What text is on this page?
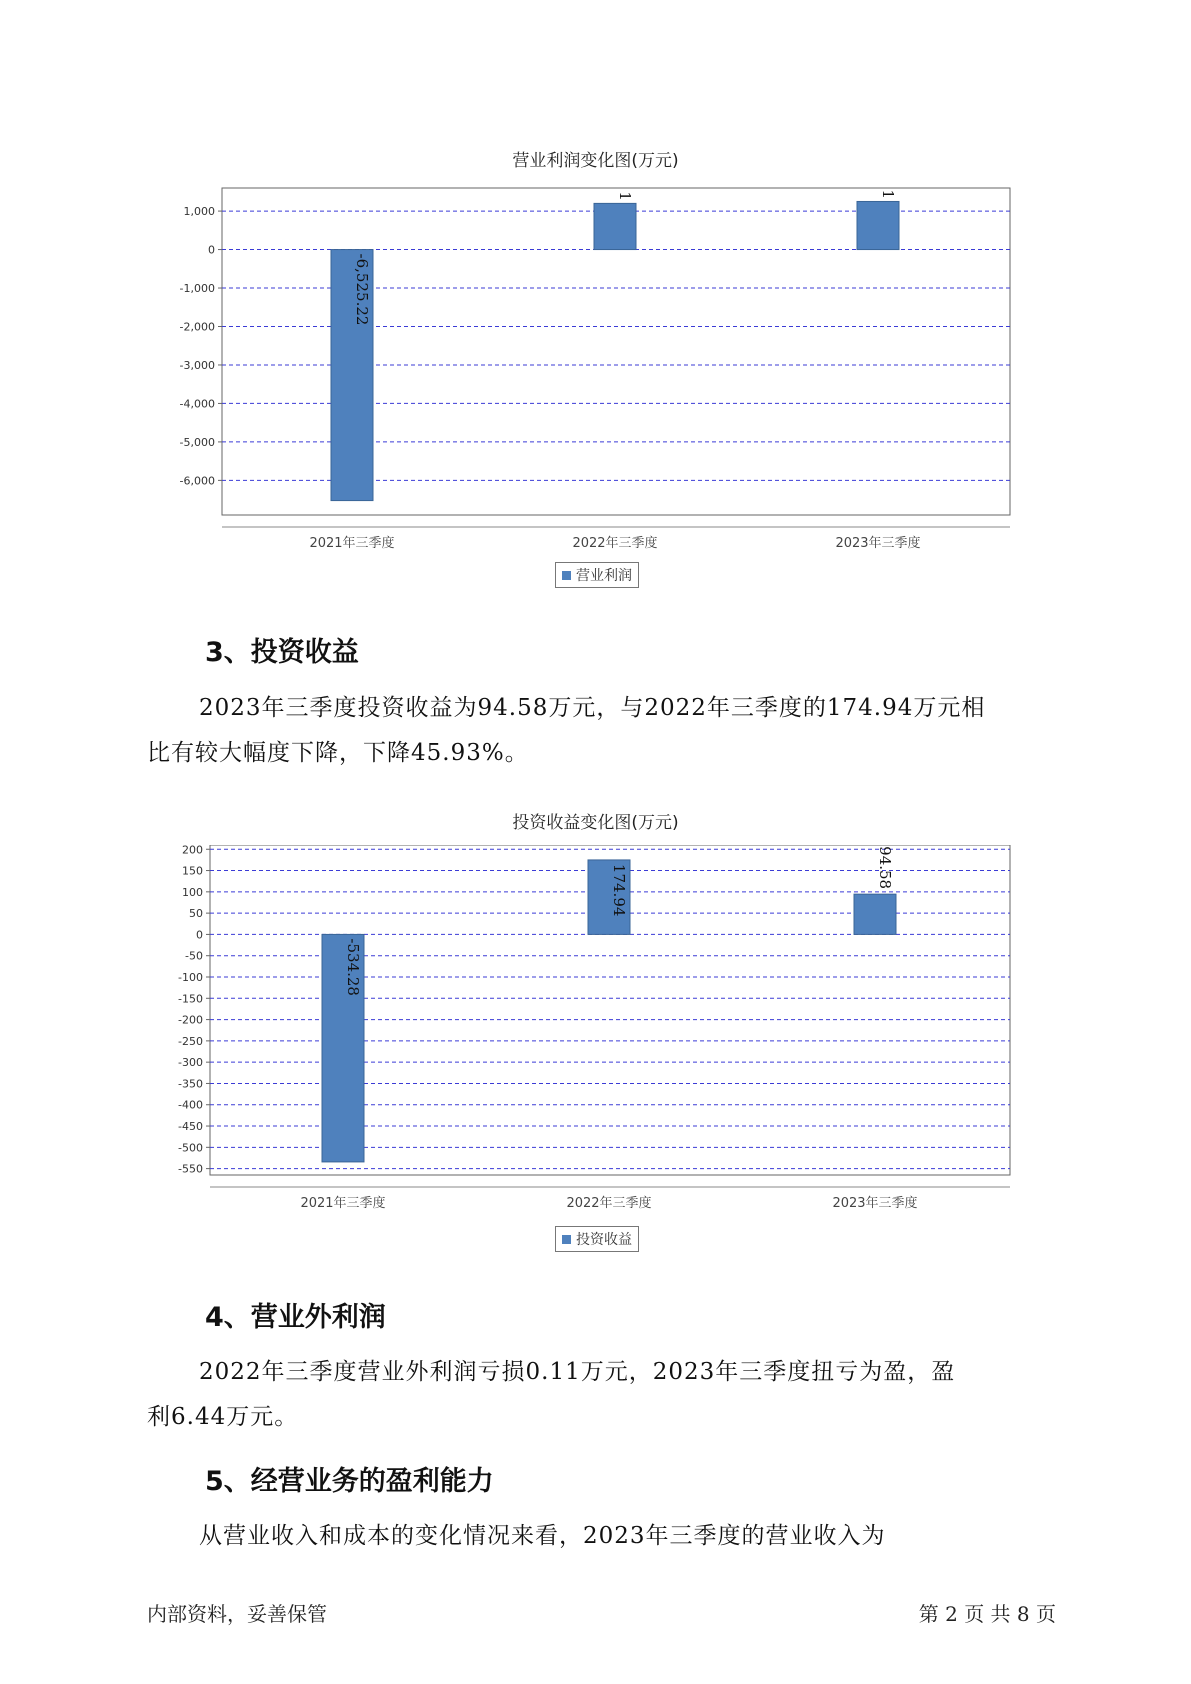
营业利润变化图(万元)
1,000
0
-1,000
-2,000
-3,000
-4,000
-5,000
-6,000
-6,525.22
2021年三季度
1
2022年三季度
1
2023年三季度
营业利润
3、投资收益

2023年三季度投资收益为94.58万元，与2022年三季度的174.94万元相
比有较大幅度下降，下降45.93%。

投资收益变化图(万元)
200
150
100
50
0
-50
-100
-150
-200
-250
-300
-350
-400
-450
-500
-550
-534.28
2021年三季度
174.94
2022年三季度
94.58
2023年三季度
投资收益
4、营业外利润

2022年三季度营业外利润亏损0.11万元，2023年三季度扭亏为盈，盈
利6.44万元。

5、经营业务的盈利能力

从营业收入和成本的变化情况来看，2023年三季度的营业收入为

内部资料，妥善保管	第 2 页 共 8 页
